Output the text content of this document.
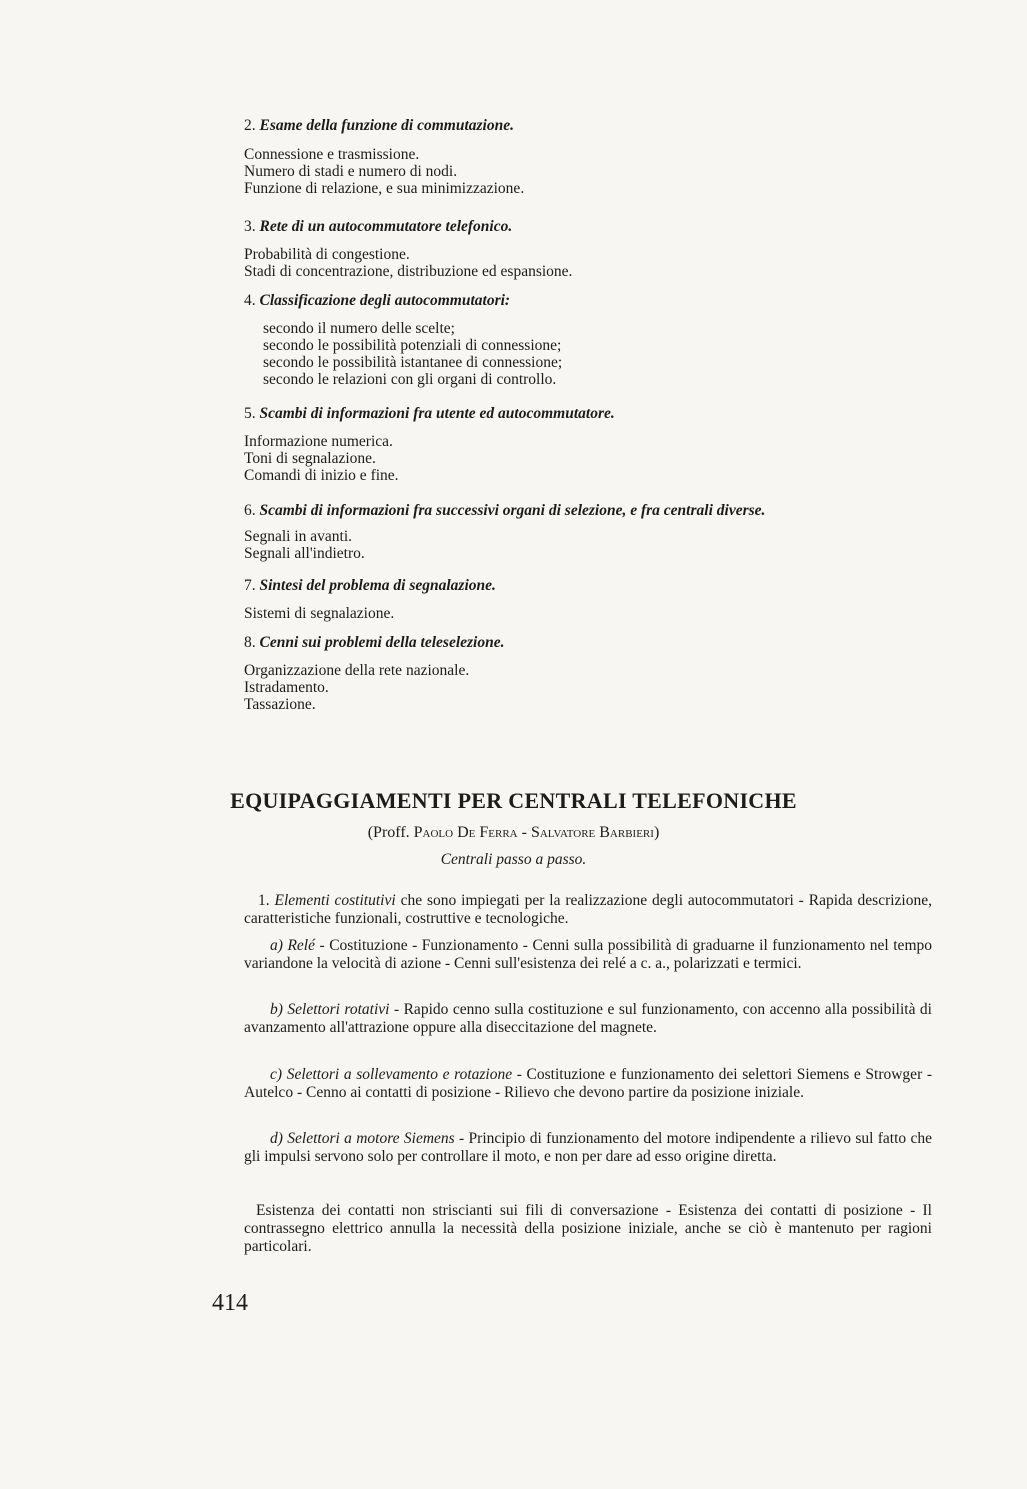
2. Esame della funzione di commutazione.

Connessione e trasmissione.

Numero di stadi e numero di nodi.

Funzione di relazione, e sua minimizzazione.

3. Rete di un autocommutatore telefonico.

Probabilità di congestione.

Stadi di concentrazione, distribuzione ed espansione.

4. Classificazione degli autocommutatori:

secondo il numero delle scelte;

secondo le possibilità potenziali di connessione;

secondo le possibilità istantanee di connessione;

secondo le relazioni con gli organi di controllo.

5. Scambi di informazioni fra utente ed autocommutatore.

Informazione numerica.

Toni di segnalazione.

Comandi di inizio e fine.

6. Scambi di informazioni fra successivi organi di selezione, e fra centrali diverse.

Segnali in avanti.

Segnali all'indietro.

7. Sintesi del problema di segnalazione.

Sistemi di segnalazione.

8. Cenni sui problemi della teleselezione.

Organizzazione della rete nazionale.

Istradamento.

Tassazione.

EQUIPAGGIAMENTI PER CENTRALI TELEFONICHE

(Proff. Paolo De Ferra - Salvatore Barbieri)

Centrali passo a passo.

1. Elementi costitutivi che sono impiegati per la realizzazione degli autocommutatori - Rapida descrizione, caratteristiche funzionali, costruttive e tecnologiche.

a) Relé - Costituzione - Funzionamento - Cenni sulla possibilità di graduarne il funzionamento nel tempo variandone la velocità di azione - Cenni sull'esistenza dei relé a c. a., polarizzati e termici.

b) Selettori rotativi - Rapido cenno sulla costituzione e sul funzionamento, con accenno alla possibilità di avanzamento all'attrazione oppure alla diseccitazione del magnete.

c) Selettori a sollevamento e rotazione - Costituzione e funzionamento dei selettori Siemens e Strowger - Autelco - Cenno ai contatti di posizione - Rilievo che devono partire da posizione iniziale.

d) Selettori a motore Siemens - Principio di funzionamento del motore indipendente a rilievo sul fatto che gli impulsi servono solo per controllare il moto, e non per dare ad esso origine diretta.

Esistenza dei contatti non striscianti sui fili di conversazione - Esistenza dei contatti di posizione - Il contrassegno elettrico annulla la necessità della posizione iniziale, anche se ciò è mantenuto per ragioni particolari.

414
